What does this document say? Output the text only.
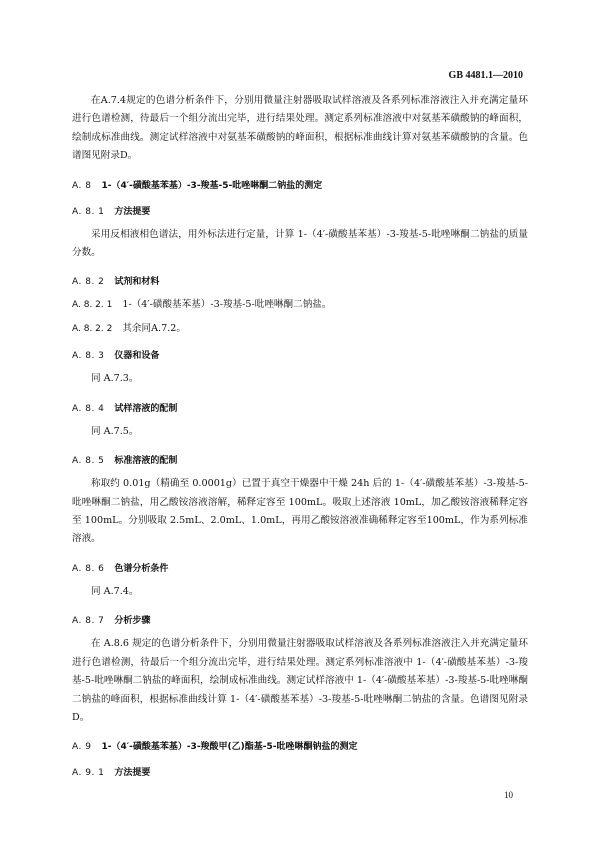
GB 4481.1—2010

在A.7.4规定的色谱分析条件下，分别用微量注射器吸取试样溶液及各系列标准溶液注入并充满定量环进行色谱检测，待最后一个组分流出完毕，进行结果处理。测定系列标准溶液中对氨基苯磺酸钠的峰面积，绘制成标准曲线。测定试样溶液中对氨基苯磺酸钠的峰面积，根据标准曲线计算对氨基苯磺酸钠的含量。色谱图见附录D。

A. 8 1-（4′-磺酸基苯基）-3-羧基-5-吡唑啉酮二钠盐的测定
A. 8. 1 方法提要

采用反相液相色谱法，用外标法进行定量，计算 1-（4′-磺酸基苯基）-3-羧基-5-吡唑啉酮二钠盐的质量分数。

A. 8. 2 试剂和材料
A. 8. 2. 1 1-（4′-磺酸基苯基）-3-羧基-5-吡唑啉酮二钠盐。
A. 8. 2. 2 其余同A.7.2。
A. 8. 3 仪器和设备

同 A.7.3。

A. 8. 4 试样溶液的配制

同 A.7.5。

A. 8. 5 标准溶液的配制

称取约 0.01g（精确至 0.0001g）已置于真空干燥器中干燥 24h 后的 1-（4′-磺酸基苯基）-3-羧基-5-吡唑啉酮二钠盐，用乙酸铵溶液溶解，稀释定容至 100mL。吸取上述溶液 10mL，加乙酸铵溶液稀释定容至 100mL。分别吸取 2.5mL、2.0mL、1.0mL，再用乙酸铵溶液准确稀释定容至100mL，作为系列标准溶液。

A. 8. 6 色谱分析条件

同 A.7.4。

A. 8. 7 分析步骤

在 A.8.6 规定的色谱分析条件下，分别用微量注射器吸取试样溶液及各系列标准溶液注入并充满定量环进行色谱检测，待最后一个组分流出完毕，进行结果处理。测定系列标准溶液中 1-（4′-磺酸基苯基）-3-羧基-5-吡唑啉酮二钠盐的峰面积，绘制成标准曲线。测定试样溶液中 1-（4′-磺酸基苯基）-3-羧基-5-吡唑啉酮二钠盐的峰面积，根据标准曲线计算 1-（4′-磺酸基苯基）-3-羧基-5-吡唑啉酮二钠盐的含量。色谱图见附录 D。

A. 9 1-（4′-磺酸基苯基）-3-羧酸甲(乙)酯基-5-吡唑啉酮钠盐的测定
A. 9. 1 方法提要
10
